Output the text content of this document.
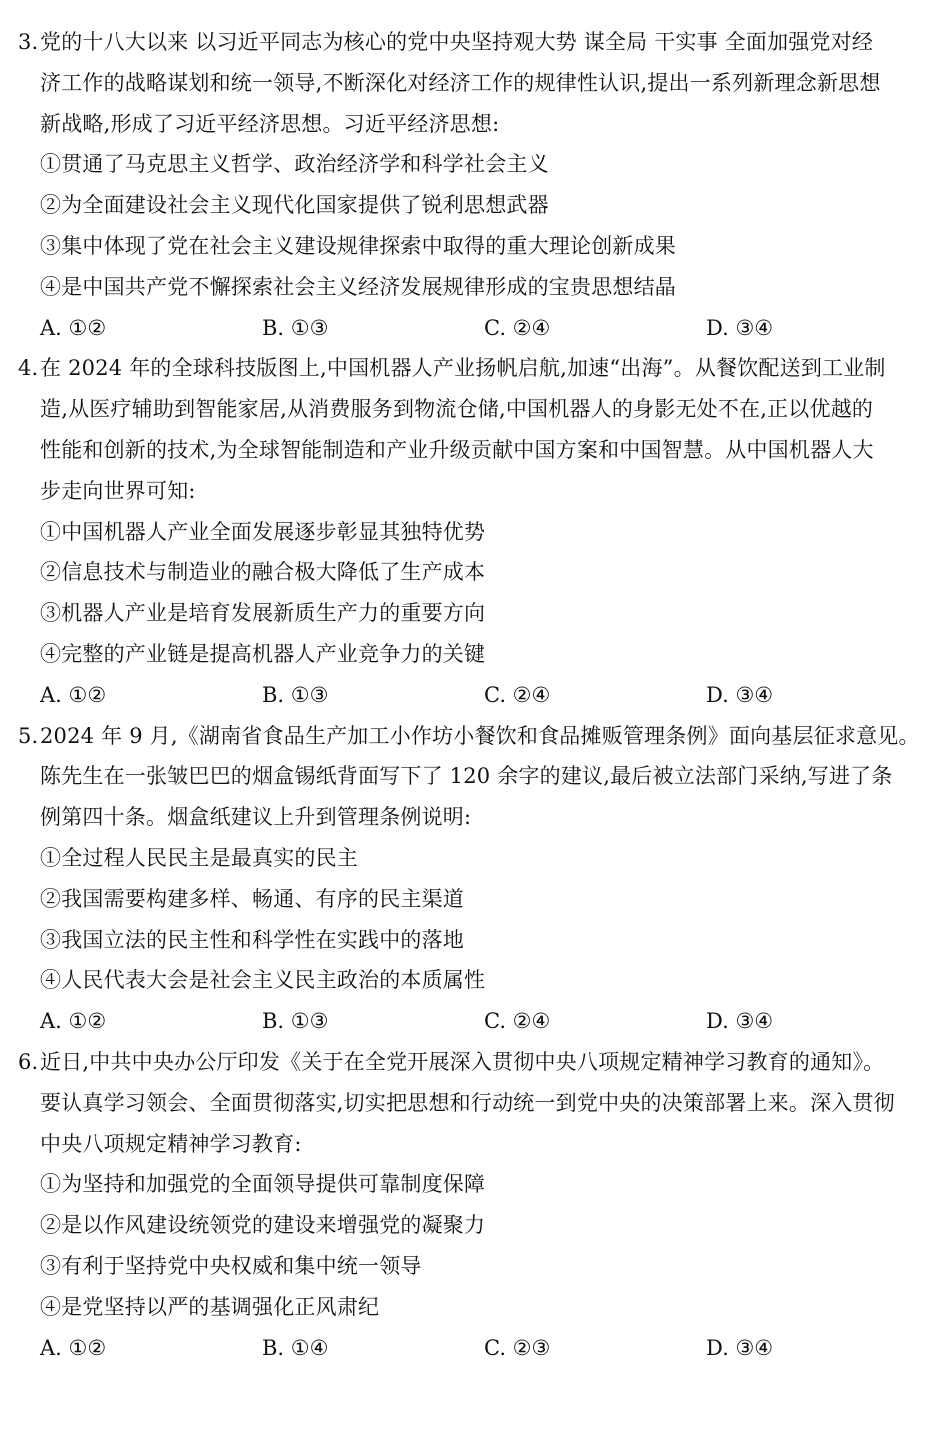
3.党的十八大以来 以习近平同志为核心的党中央坚持观大势 谋全局 干实事 全面加强党对经
济工作的战略谋划和统一领导,不断深化对经济工作的规律性认识,提出一系列新理念新思想
新战略,形成了习近平经济思想。习近平经济思想:
①贯通了马克思主义哲学、政治经济学和科学社会主义
②为全面建设社会主义现代化国家提供了锐利思想武器
③集中体现了党在社会主义建设规律探索中取得的重大理论创新成果
④是中国共产党不懈探索社会主义经济发展规律形成的宝贵思想结晶
A. ①②	B. ①③	C. ②④	D. ③④
4.在 2024 年的全球科技版图上,中国机器人产业扬帆启航,加速“出海”。从餐饮配送到工业制
造,从医疗辅助到智能家居,从消费服务到物流仓储,中国机器人的身影无处不在,正以优越的
性能和创新的技术,为全球智能制造和产业升级贡献中国方案和中国智慧。从中国机器人大
步走向世界可知:
①中国机器人产业全面发展逐步彰显其独特优势
②信息技术与制造业的融合极大降低了生产成本
③机器人产业是培育发展新质生产力的重要方向
④完整的产业链是提高机器人产业竞争力的关键
A. ①②	B. ①③	C. ②④	D. ③④
5.2024 年 9 月,《湖南省食品生产加工小作坊小餐饮和食品摊贩管理条例》面向基层征求意见。
陈先生在一张皱巴巴的烟盒锡纸背面写下了 120 余字的建议,最后被立法部门采纳,写进了条
例第四十条。烟盒纸建议上升到管理条例说明:
①全过程人民民主是最真实的民主
②我国需要构建多样、畅通、有序的民主渠道
③我国立法的民主性和科学性在实践中的落地
④人民代表大会是社会主义民主政治的本质属性
A. ①②	B. ①③	C. ②④	D. ③④
6.近日,中共中央办公厅印发《关于在全党开展深入贯彻中央八项规定精神学习教育的通知》。
要认真学习领会、全面贯彻落实,切实把思想和行动统一到党中央的决策部署上来。深入贯彻
中央八项规定精神学习教育:
①为坚持和加强党的全面领导提供可靠制度保障
②是以作风建设统领党的建设来增强党的凝聚力
③有利于坚持党中央权威和集中统一领导
④是党坚持以严的基调强化正风肃纪
A. ①②	B. ①④	C. ②③	D. ③④
